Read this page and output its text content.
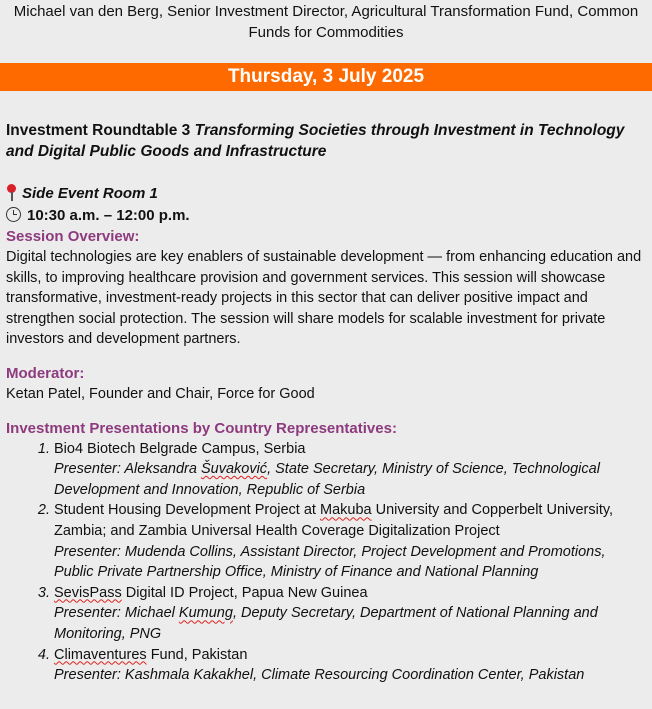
Michael van den Berg, Senior Investment Director, Agricultural Transformation Fund, Common Funds for Commodities
Thursday, 3 July 2025
Investment Roundtable 3 Transforming Societies through Investment in Technology and Digital Public Goods and Infrastructure
Side Event Room 1
10:30 a.m. – 12:00 p.m.
Session Overview:
Digital technologies are key enablers of sustainable development — from enhancing education and skills, to improving healthcare provision and government services. This session will showcase transformative, investment-ready projects in this sector that can deliver positive impact and strengthen social protection. The session will share models for scalable investment for private investors and development partners.
Moderator:
Ketan Patel, Founder and Chair, Force for Good
Investment Presentations by Country Representatives:
1. Bio4 Biotech Belgrade Campus, Serbia
Presenter: Aleksandra Šuvaković, State Secretary, Ministry of Science, Technological Development and Innovation, Republic of Serbia
2. Student Housing Development Project at Makuba University and Copperbelt University, Zambia; and Zambia Universal Health Coverage Digitalization Project
Presenter: Mudenda Collins, Assistant Director, Project Development and Promotions, Public Private Partnership Office, Ministry of Finance and National Planning
3. SevisPass Digital ID Project, Papua New Guinea
Presenter: Michael Kumung, Deputy Secretary, Department of National Planning and Monitoring, PNG
4. Climaventures Fund, Pakistan
Presenter: Kashmala Kakakhel, Climate Resourcing Coordination Center, Pakistan
